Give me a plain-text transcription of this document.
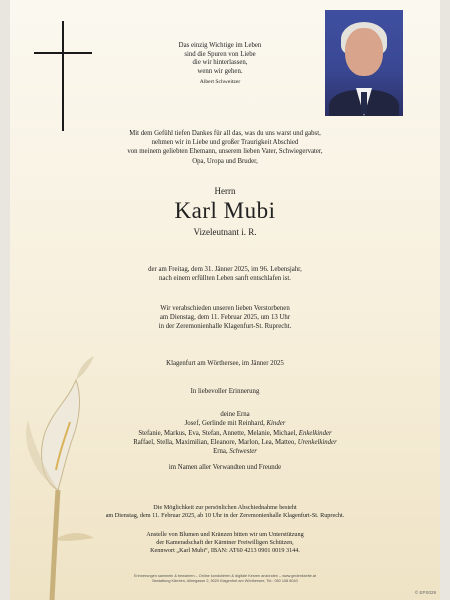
Das einzig Wichtige im Leben
sind die Spuren von Liebe
die wir hinterlassen,
wenn wir gehen.
Albert Schweitzer
Mit dem Gefühl tiefen Dankes für all das, was du uns warst und gabst,
nehmen wir in Liebe und großer Traurigkeit Abschied
von meinem geliebten Ehemann, unserem lieben Vater, Schwiegervater,
Opa, Uropa und Bruder,
Herrn
Karl Mubi
Vizeleutnant i. R.
der am Freitag, dem 31. Jänner 2025, im 96. Lebensjahr,
nach einem erfüllten Leben sanft entschlafen ist.
Wir verabschieden unseren lieben Verstorbenen
am Dienstag, dem 11. Februar 2025, um 13 Uhr
in der Zeremonienhalle Klagenfurt-St. Ruprecht.
Klagenfurt am Wörthersee, im Jänner 2025
In liebevoller Erinnerung
deine Erna
Josef, Gerlinde mit Reinhard, Kinder
Stefanie, Markus, Eva, Stefan, Annette, Melanie, Michael, Enkelkinder
Raffael, Stella, Maximilian, Eleanore, Marlon, Lea, Matteo, Urenkelkinder
Erna, Schwester
im Namen aller Verwandten und Freunde
Die Möglichkeit zur persönlichen Abschiednahme besteht
am Dienstag, dem 11. Februar 2025, ab 10 Uhr in der Zeremonienhalle Klagenfurt-St. Ruprecht.
Anstelle von Blumen und Kränzen bitten wir um Unterstützung
der Kameradschaft der Kärntner Freiwilligen Schützen,
Kennwort „Karl Mubi“, IBAN: AT60 4213 0901 0019 3144.
Erinnerungen sammeln & bewahren – Online kondolieren & digitale Kerzen anzünden – www.gedenkseite.at
Bestattung Kärnten, Alleegasse 2, 9020 Klagenfurt am Wörthersee, Tel.: 050 108 8040
© EPS029
